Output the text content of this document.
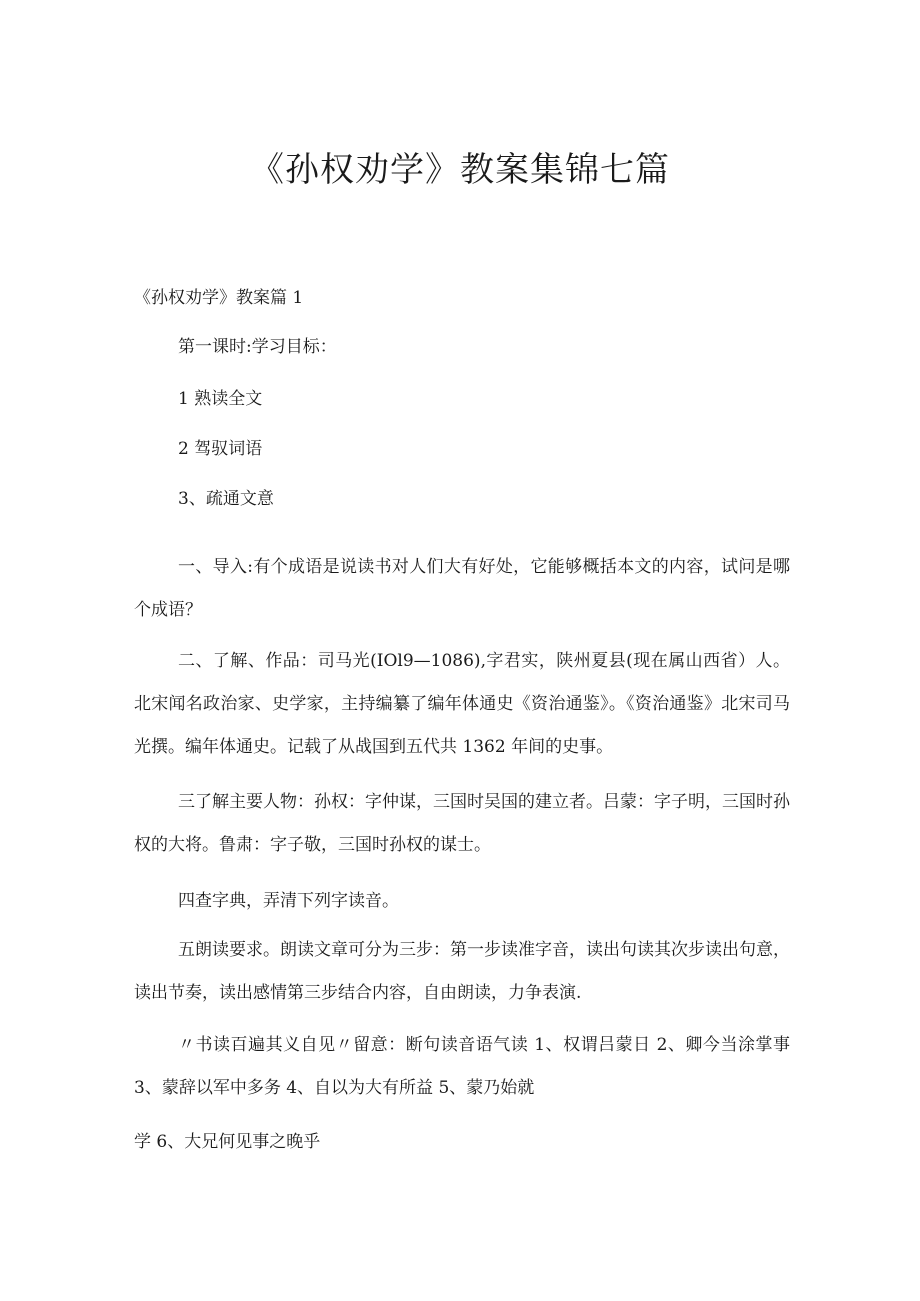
《孙权劝学》教案集锦七篇
《孙权劝学》教案篇 1
第一课时:学习目标：
1 熟读全文
2 驾驭词语
3、疏通文意
一、导入:有个成语是说读书对人们大有好处，它能够概括本文的内容，试问是哪个成语？
二、了解、作品：司马光(IOl9—1086),字君实，陕州夏县(现在属山西省）人。北宋闻名政治家、史学家，主持编纂了编年体通史《资治通鉴》。《资治通鉴》北宋司马光撰。编年体通史。记载了从战国到五代共 1362 年间的史事。
三了解主要人物：孙权：字仲谋，三国时吴国的建立者。吕蒙：字子明，三国时孙权的大将。鲁肃：字子敬，三国时孙权的谋士。
四查字典，弄清下列字读音。
五朗读要求。朗读文章可分为三步：第一步读准字音，读出句读其次步读出句意，读出节奏，读出感情第三步结合内容，自由朗读，力争表演.
〃书读百遍其义自见〃留意：断句读音语气读 1、权谓吕蒙日 2、卿今当涂掌事 3、蒙辞以军中多务 4、自以为大有所益 5、蒙乃始就
学 6、大兄何见事之晚乎
